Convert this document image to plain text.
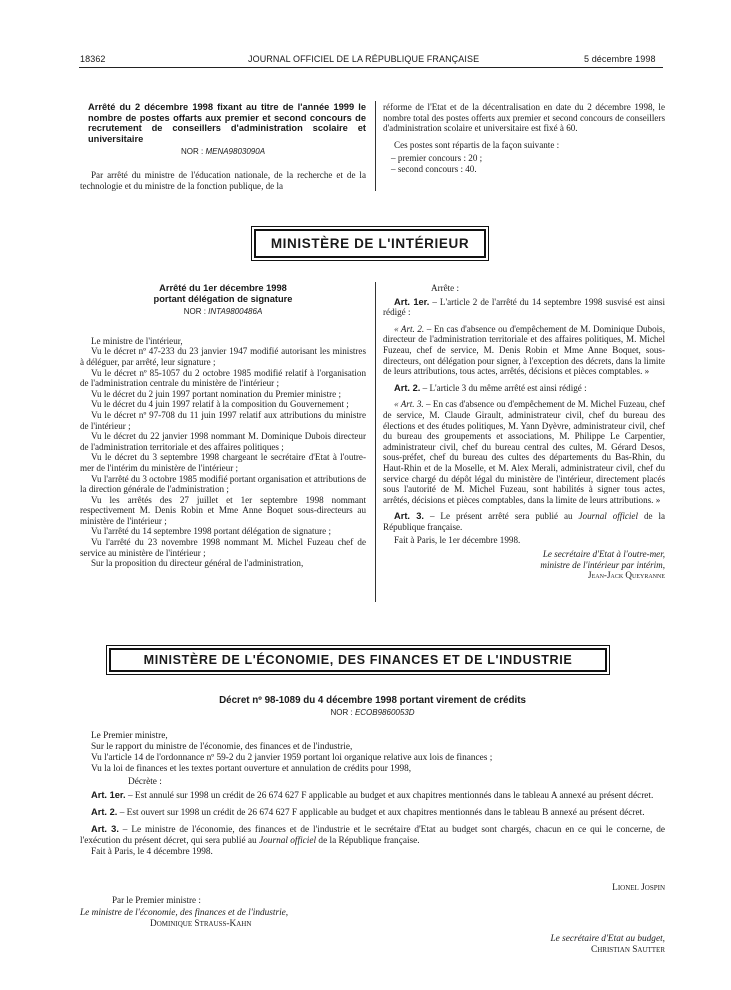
18362	JOURNAL OFFICIEL DE LA RÉPUBLIQUE FRANÇAISE	5 décembre 1998
Arrêté du 2 décembre 1998 fixant au titre de l'année 1999 le nombre de postes offarts aux premier et second concours de recrutement de conseillers d'administration scolaire et universitaire
NOR : MENA9803090A

Par arrêté du ministre de l'éducation nationale, de la recherche et de la technologie et du ministre de la fonction publique, de la

réforme de l'Etat et de la décentralisation en date du 2 décembre 1998, le nombre total des postes offerts aux premier et second concours de conseillers d'administration scolaire et universitaire est fixé à 60.

Ces postes sont répartis de la façon suivante :

– premier concours : 20 ;

– second concours : 40.

MINISTÈRE DE L'INTÉRIEUR
Arrêté du 1er décembre 1998
portant délégation de signature
NOR : INTA9800486A

Le ministre de l'intérieur,

Vu le décret nº 47-233 du 23 janvier 1947 modifié autorisant les ministres à déléguer, par arrêté, leur signature ;

Vu le décret nº 85-1057 du 2 octobre 1985 modifié relatif à l'organisation de l'administration centrale du ministère de l'intérieur ;

Vu le décret du 2 juin 1997 portant nomination du Premier ministre ;

Vu le décret du 4 juin 1997 relatif à la composition du Gouvernement ;

Vu le décret nº 97-708 du 11 juin 1997 relatif aux attributions du ministre de l'intérieur ;

Vu le décret du 22 janvier 1998 nommant M. Dominique Dubois directeur de l'administration territoriale et des affaires politiques ;

Vu le décret du 3 septembre 1998 chargeant le secrétaire d'Etat à l'outre-mer de l'intérim du ministère de l'intérieur ;

Vu l'arrêté du 3 octobre 1985 modifié portant organisation et attributions de la direction générale de l'administration ;

Vu les arrêtés des 27 juillet et 1er septembre 1998 nommant respectivement M. Denis Robin et Mme Anne Boquet sous-directeurs au ministère de l'intérieur ;

Vu l'arrêté du 14 septembre 1998 portant délégation de signature ;

Vu l'arrêté du 23 novembre 1998 nommant M. Michel Fuzeau chef de service au ministère de l'intérieur ;

Sur la proposition du directeur général de l'administration,

Arrête :

Art. 1er. – L'article 2 de l'arrêté du 14 septembre 1998 susvisé est ainsi rédigé :

« Art. 2. – En cas d'absence ou d'empêchement de M. Dominique Dubois, directeur de l'administration territoriale et des affaires politiques, M. Michel Fuzeau, chef de service, M. Denis Robin et Mme Anne Boquet, sous-directeurs, ont délégation pour signer, à l'exception des décrets, dans la limite de leurs attributions, tous actes, arrêtés, décisions et pièces comptables. »

Art. 2. – L'article 3 du même arrêté est ainsi rédigé :

« Art. 3. – En cas d'absence ou d'empêchement de M. Michel Fuzeau, chef de service, M. Claude Girault, administrateur civil, chef du bureau des élections et des études politiques, M. Yann Dyèvre, administrateur civil, chef du bureau des groupements et associations, M. Philippe Le Carpentier, administrateur civil, chef du bureau central des cultes, M. Gérard Desos, sous-préfet, chef du bureau des cultes des départements du Bas-Rhin, du Haut-Rhin et de la Moselle, et M. Alex Merali, administrateur civil, chef du service chargé du dépôt légal du ministère de l'intérieur, directement placés sous l'autorité de M. Michel Fuzeau, sont habilités à signer tous actes, arrêtés, décisions et pièces comptables, dans la limite de leurs attributions. »

Art. 3. – Le présent arrêté sera publié au Journal officiel de la République française.

Fait à Paris, le 1er décembre 1998.

Le secrétaire d'Etat à l'outre-mer,

ministre de l'intérieur par intérim,

Jean-Jack Queyranne

MINISTÈRE DE L'ÉCONOMIE, DES FINANCES ET DE L'INDUSTRIE
Décret nº 98-1089 du 4 décembre 1998 portant virement de crédits
NOR : ECOB9860053D

Le Premier ministre,

Sur le rapport du ministre de l'économie, des finances et de l'industrie,

Vu l'article 14 de l'ordonnance nº 59-2 du 2 janvier 1959 portant loi organique relative aux lois de finances ;

Vu la loi de finances et les textes portant ouverture et annulation de crédits pour 1998,

Décrète :

Art. 1er. – Est annulé sur 1998 un crédit de 26 674 627 F applicable au budget et aux chapitres mentionnés dans le tableau A annexé au présent décret.

Art. 2. – Est ouvert sur 1998 un crédit de 26 674 627 F applicable au budget et aux chapitres mentionnés dans le tableau B annexé au présent décret.

Art. 3. – Le ministre de l'économie, des finances et de l'industrie et le secrétaire d'Etat au budget sont chargés, chacun en ce qui le concerne, de l'exécution du présent décret, qui sera publié au Journal officiel de la République française.

Fait à Paris, le 4 décembre 1998.

Lionel Jospin
Par le Premier ministre :
Le ministre de l'économie, des finances et de l'industrie,
Dominique Strauss-Kahn
Le secrétaire d'Etat au budget,
Christian Sautter
